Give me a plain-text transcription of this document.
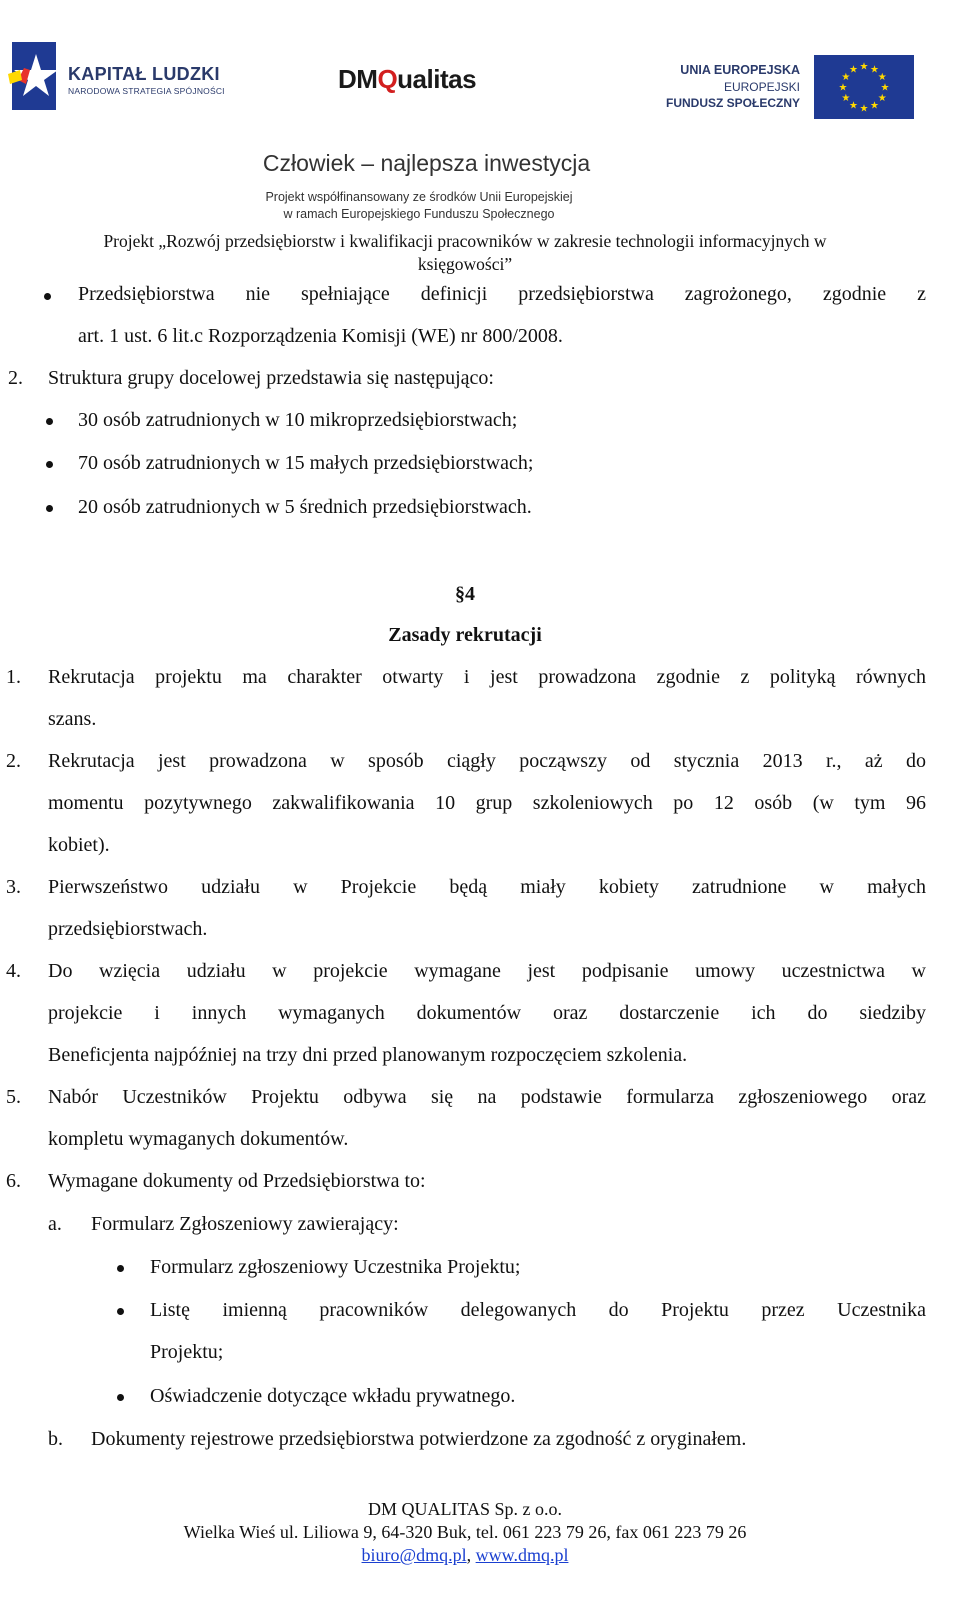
KAPITAŁ LUDZKI
NARODOWA STRATEGIA SPÓJNOŚCI	DMQualitas	UNIA EUROPEJSKA
EUROPEJSKI
FUNDUSZ SPOŁECZNY
★ ★
★
★
★
★
★
★
★
★
★
★
Człowiek – najlepsza inwestycja
Projekt współfinansowany ze środków Unii Europejskiej
w ramach Europejskiego Funduszu Społecznego
Projekt „Rozwój przedsiębiorstw i kwalifikacji pracowników w zakresie technologii informacyjnych w
księgowości”
Przedsiębiorstwa nie spełniające definicji przedsiębiorstwa zagrożonego, zgodnie z
art. 1 ust. 6 lit.c Rozporządzenia Komisji (WE) nr 800/2008.
2. Struktura grupy docelowej przedstawia się następująco:
30 osób zatrudnionych w 10 mikroprzedsiębiorstwach;
70 osób zatrudnionych w 15 małych przedsiębiorstwach;
20 osób zatrudnionych w 5 średnich przedsiębiorstwach.
§4
Zasady rekrutacji
1. Rekrutacja projektu ma charakter otwarty i jest prowadzona zgodnie z polityką równych
szans.
2. Rekrutacja jest prowadzona w sposób ciągły począwszy od stycznia 2013 r., aż do
momentu pozytywnego zakwalifikowania 10 grup szkoleniowych po 12 osób (w tym 96
kobiet).
3. Pierwszeństwo udziału w Projekcie będą miały kobiety zatrudnione w małych
przedsiębiorstwach.
4. Do wzięcia udziału w projekcie wymagane jest podpisanie umowy uczestnictwa w
projekcie i innych wymaganych dokumentów oraz dostarczenie ich do siedziby
Beneficjenta najpóźniej na trzy dni przed planowanym rozpoczęciem szkolenia.
5. Nabór Uczestników Projektu odbywa się na podstawie formularza zgłoszeniowego oraz
kompletu wymaganych dokumentów.
6. Wymagane dokumenty od Przedsiębiorstwa to:
a. Formularz Zgłoszeniowy zawierający:
Formularz zgłoszeniowy Uczestnika Projektu;
Listę imienną pracowników delegowanych do Projektu przez Uczestnika
Projektu;
Oświadczenie dotyczące wkładu prywatnego.
b. Dokumenty rejestrowe przedsiębiorstwa potwierdzone za zgodność z oryginałem.
DM QUALITAS Sp. z o.o.
Wielka Wieś ul. Liliowa 9, 64-320 Buk, tel. 061 223 79 26, fax 061 223 79 26
biuro@dmq.pl, www.dmq.pl
